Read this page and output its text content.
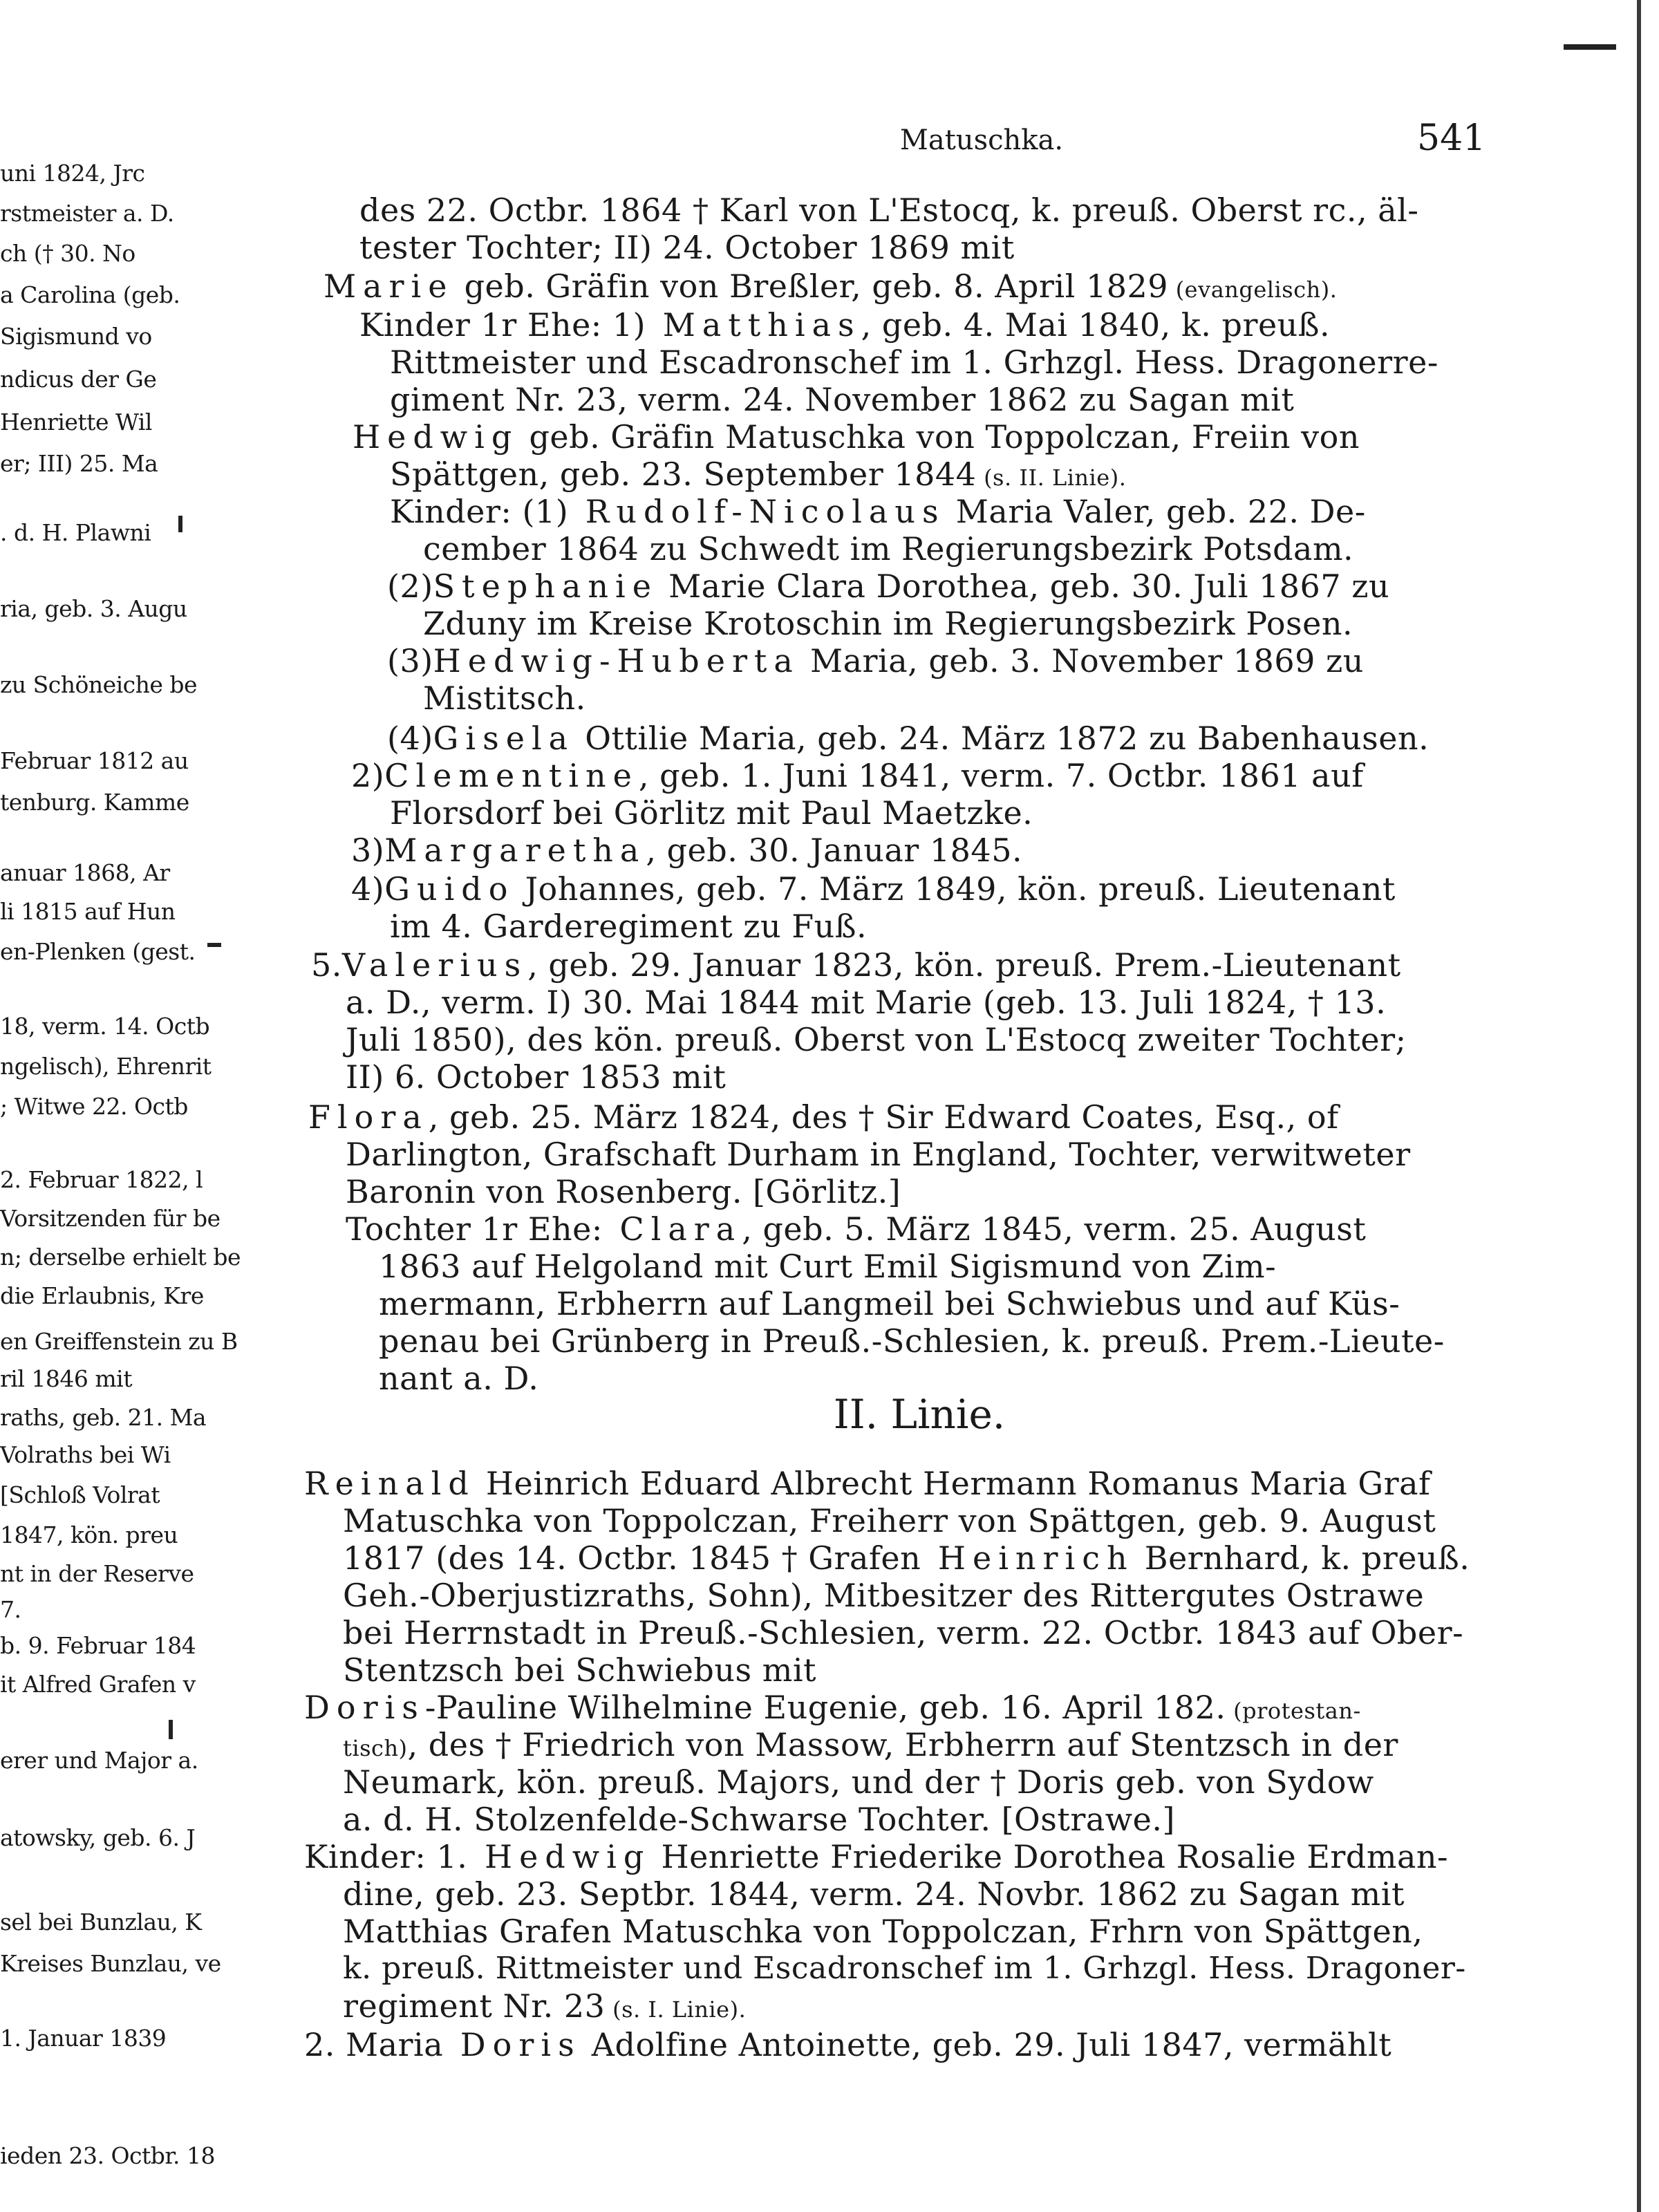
Matuschka.	541
uni 1824, Jrc
rstmeister a. D.
ch († 30. No
a Carolina (geb.
Sigismund vo
ndicus der Ge
Henriette Wil
er; III) 25. Ma
. d. H. Plawni
ria, geb. 3. Augu
zu Schöneiche be
Februar 1812 au
tenburg. Kamme
anuar 1868, Ar
li 1815 auf Hun
en-Plenken (gest.
18, verm. 14. Octb
ngelisch), Ehrenrit
; Witwe 22. Octb
2. Februar 1822, l
Vorsitzenden für be
n; derselbe erhielt be
die Erlaubnis, Kre
en Greiffenstein zu B
ril 1846 mit
raths, geb. 21. Ma
Volraths bei Wi
[Schloß Volrat
1847, kön. preu
nt in der Reserve
7.
b. 9. Februar 184
it Alfred Grafen v
erer und Major a.
atowsky, geb. 6. J
sel bei Bunzlau, K
Kreises Bunzlau, ve
1. Januar 1839
ieden 23. Octbr. 18
des 22. Octbr. 1864 † Karl von L'Estocq, k. preuß. Oberst rc., äl-
tester Tochter; II) 24. October 1869 mit
Marie geb. Gräfin von Breßler, geb. 8. April 1829 (evangelisch).
Kinder 1r Ehe: 1) Matthias, geb. 4. Mai 1840, k. preuß.
Rittmeister und Escadronschef im 1. Grhzgl. Hess. Dragonerre-
giment Nr. 23, verm. 24. November 1862 zu Sagan mit
Hedwig geb. Gräfin Matuschka von Toppolczan, Freiin von
Spättgen, geb. 23. September 1844 (s. II. Linie).
Kinder: (1) Rudolf-Nicolaus Maria Valer, geb. 22. De-
cember 1864 zu Schwedt im Regierungsbezirk Potsdam.
(2)Stephanie Marie Clara Dorothea, geb. 30. Juli 1867 zu
Zduny im Kreise Krotoschin im Regierungsbezirk Posen.
(3)Hedwig-Huberta Maria, geb. 3. November 1869 zu
Mistitsch.
(4)Gisela Ottilie Maria, geb. 24. März 1872 zu Babenhausen.
2)Clementine, geb. 1. Juni 1841, verm. 7. Octbr. 1861 auf
Florsdorf bei Görlitz mit Paul Maetzke.
3)Margaretha, geb. 30. Januar 1845.
4)Guido Johannes, geb. 7. März 1849, kön. preuß. Lieutenant
im 4. Garderegiment zu Fuß.
5.Valerius, geb. 29. Januar 1823, kön. preuß. Prem.-Lieutenant
a. D., verm. I) 30. Mai 1844 mit Marie (geb. 13. Juli 1824, † 13.
Juli 1850), des kön. preuß. Oberst von L'Estocq zweiter Tochter;
II) 6. October 1853 mit
Flora, geb. 25. März 1824, des † Sir Edward Coates, Esq., of
Darlington, Grafschaft Durham in England, Tochter, verwitweter
Baronin von Rosenberg. [Görlitz.]
Tochter 1r Ehe: Clara, geb. 5. März 1845, verm. 25. August
1863 auf Helgoland mit Curt Emil Sigismund von Zim-
mermann, Erbherrn auf Langmeil bei Schwiebus und auf Küs-
penau bei Grünberg in Preuß.-Schlesien, k. preuß. Prem.-Lieute-
nant a. D.
II. Linie.
Reinald Heinrich Eduard Albrecht Hermann Romanus Maria Graf
Matuschka von Toppolczan, Freiherr von Spättgen, geb. 9. August
1817 (des 14. Octbr. 1845 † Grafen Heinrich Bernhard, k. preuß.
Geh.-Oberjustizraths, Sohn), Mitbesitzer des Rittergutes Ostrawe
bei Herrnstadt in Preuß.-Schlesien, verm. 22. Octbr. 1843 auf Ober-
Stentzsch bei Schwiebus mit
Doris-Pauline Wilhelmine Eugenie, geb. 16. April 182. (protestan-
tisch), des † Friedrich von Massow, Erbherrn auf Stentzsch in der
Neumark, kön. preuß. Majors, und der † Doris geb. von Sydow
a. d. H. Stolzenfelde-Schwarse Tochter. [Ostrawe.]
Kinder: 1. Hedwig Henriette Friederike Dorothea Rosalie Erdman-
dine, geb. 23. Septbr. 1844, verm. 24. Novbr. 1862 zu Sagan mit
Matthias Grafen Matuschka von Toppolczan, Frhrn von Spättgen,
k. preuß. Rittmeister und Escadronschef im 1. Grhzgl. Hess. Dragoner-
regiment Nr. 23 (s. I. Linie).
2. Maria Doris Adolfine Antoinette, geb. 29. Juli 1847, vermählt
